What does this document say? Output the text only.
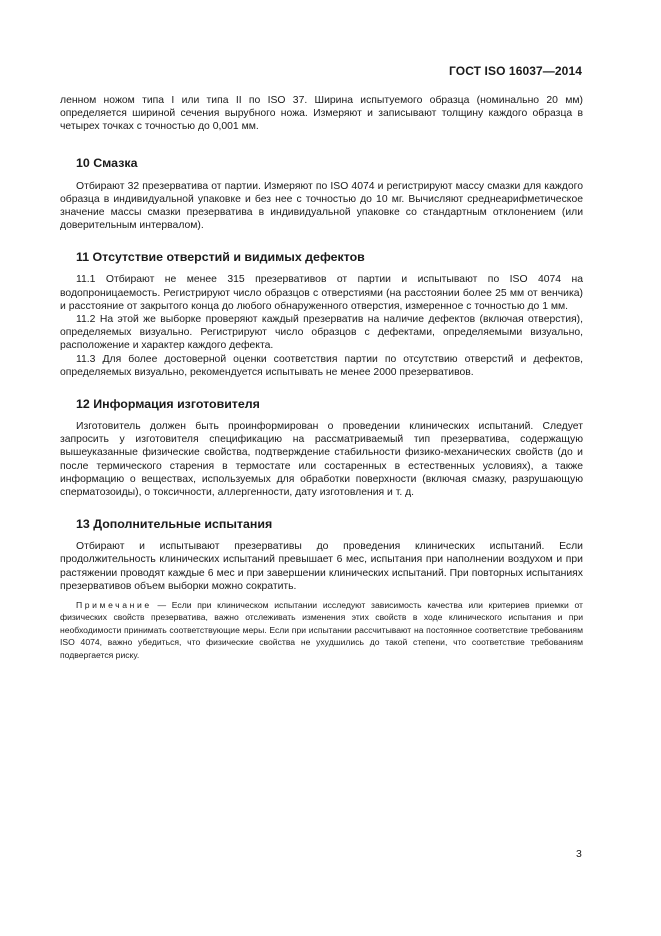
ГОСТ ISO 16037—2014

ленном ножом типа I или типа II по ISO 37. Ширина испытуемого образца (номинально 20 мм) определяется шириной сечения вырубного ножа. Измеряют и записывают толщину каждого образца в четырех точках с точностью до 0,001 мм.

10 Смазка

Отбирают 32 презерватива от партии. Измеряют по ISO 4074 и регистрируют массу смазки для каждого образца в индивидуальной упаковке и без нее с точностью до 10 мг. Вычисляют среднеарифметическое значение массы смазки презерватива в индивидуальной упаковке со стандартным отклонением (или доверительным интервалом).

11 Отсутствие отверстий и видимых дефектов

11.1 Отбирают не менее 315 презервативов от партии и испытывают по ISO 4074 на водопроницаемость. Регистрируют число образцов с отверстиями (на расстоянии более 25 мм от венчика) и расстояние от закрытого конца до любого обнаруженного отверстия, измеренное с точностью до 1 мм.

11.2 На этой же выборке проверяют каждый презерватив на наличие дефектов (включая отверстия), определяемых визуально. Регистрируют число образцов с дефектами, определяемыми визуально, расположение и характер каждого дефекта.

11.3 Для более достоверной оценки соответствия партии по отсутствию отверстий и дефектов, определяемых визуально, рекомендуется испытывать не менее 2000 презервативов.

12 Информация изготовителя

Изготовитель должен быть проинформирован о проведении клинических испытаний. Следует запросить у изготовителя спецификацию на рассматриваемый тип презерватива, содержащую вышеуказанные физические свойства, подтверждение стабильности физико-механических свойств (до и после термического старения в термостате или состаренных в естественных условиях), а также информацию о веществах, используемых для обработки поверхности (включая смазку, разрушающую сперматозоиды), о токсичности, аллергенности, дату изготовления и т. д.

13 Дополнительные испытания

Отбирают и испытывают презервативы до проведения клинических испытаний. Если продолжительность клинических испытаний превышает 6 мес, испытания при наполнении воздухом и при растяжении проводят каждые 6 мес и при завершении клинических испытаний. При повторных испытаниях презервативов объем выборки можно сократить.

Примечание — Если при клиническом испытании исследуют зависимость качества или критериев приемки от физических свойств презерватива, важно отслеживать изменения этих свойств в ходе клинического испытания и при необходимости принимать соответствующие меры. Если при испытании рассчитывают на постоянное соответствие требованиям ISO 4074, важно убедиться, что физические свойства не ухудшились до такой степени, что соответствие требованиям подвергается риску.

3
